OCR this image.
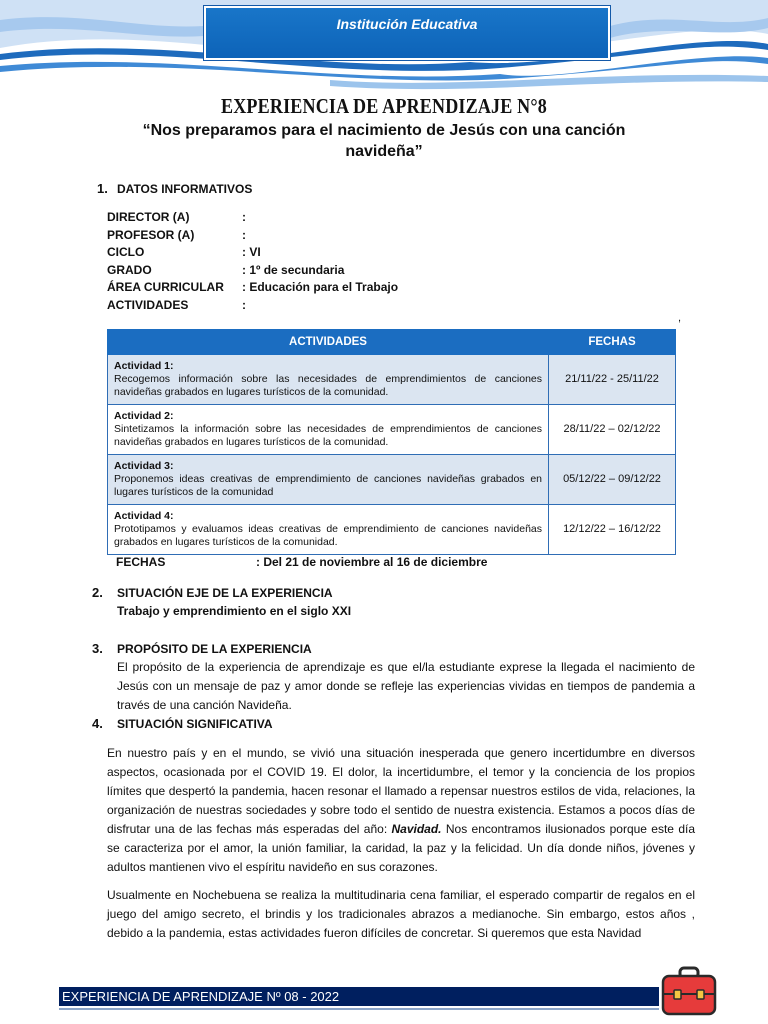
Institución Educativa
EXPERIENCIA DE APRENDIZAJE N°8
“Nos preparamos para el nacimiento de Jesús con una canción navideña”
1. DATOS INFORMATIVOS
DIRECTOR (A)	:
PROFESOR (A)	:
CICLO	: VI
GRADO	: 1º de secundaria
ÁREA CURRICULAR : Educación para el Trabajo
ACTIVIDADES	:
,
ACTIVIDADES	FECHAS

Actividad 1:
Recogemos información sobre las necesidades de emprendimientos de canciones navideñas grabados en lugares turísticos de la comunidad.	21/11/22 - 25/11/22

Actividad 2:
Sintetizamos la información sobre las necesidades de emprendimientos de canciones navideñas grabados en lugares turísticos de la comunidad.	28/11/22 – 02/12/22

Actividad 3:
Proponemos ideas creativas de emprendimiento de canciones navideñas grabados en lugares turísticos de la comunidad	05/12/22 – 09/12/22

Actividad 4:
Prototipamos y evaluamos ideas creativas de emprendimiento de canciones navideñas grabados en lugares turísticos de la comunidad.	12/12/22 – 16/12/22
FECHAS	: Del 21 de noviembre al 16 de diciembre
2. SITUACIÓN EJE DE LA EXPERIENCIA
Trabajo y emprendimiento en el siglo XXI
3. PROPÓSITO DE LA EXPERIENCIA
El propósito de la experiencia de aprendizaje es que el/la estudiante exprese la llegada el nacimiento de Jesús con un mensaje de paz y amor donde se refleje las experiencias vividas en tiempos de pandemia a través de una canción Navideña.
4. SITUACIÓN SIGNIFICATIVA
En nuestro país y en el mundo, se vivió una situación inesperada que genero incertidumbre en diversos aspectos, ocasionada por el COVID 19. El dolor, la incertidumbre, el temor y la conciencia de los propios límites que despertó la pandemia, hacen resonar el llamado a repensar nuestros estilos de vida, relaciones, la organización de nuestras sociedades y sobre todo el sentido de nuestra existencia. Estamos a pocos días de disfrutar una de las fechas más esperadas del año: Navidad. Nos encontramos ilusionados porque este día se caracteriza por el amor, la unión familiar, la caridad, la paz y la felicidad. Un día donde niños, jóvenes y adultos mantienen vivo el espíritu navideño en sus corazones.
Usualmente en Nochebuena se realiza la multitudinaria cena familiar, el esperado compartir de regalos en el juego del amigo secreto, el brindis y los tradicionales abrazos a medianoche. Sin embargo, estos años , debido a la pandemia, estas actividades fueron difíciles de concretar. Si queremos que esta Navidad
EXPERIENCIA DE APRENDIZAJE Nº 08 - 2022
